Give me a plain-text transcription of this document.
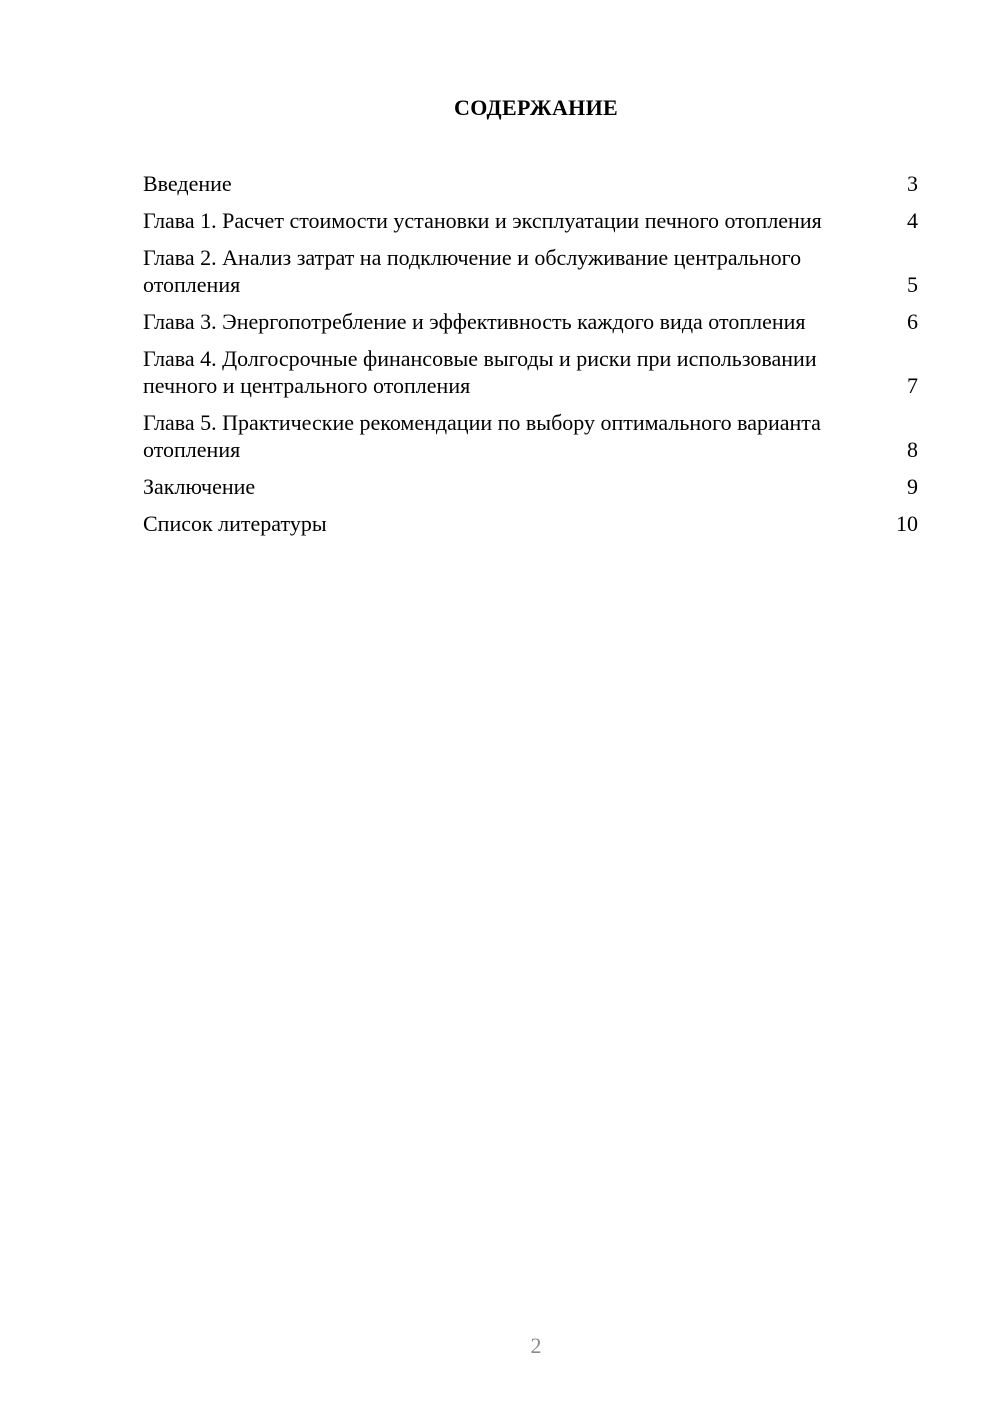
СОДЕРЖАНИЕ
Введение	3
Глава 1. Расчет стоимости установки и эксплуатации печного отопления	4
Глава 2. Анализ затрат на подключение и обслуживание центрального отопления	5
Глава 3. Энергопотребление и эффективность каждого вида отопления	6
Глава 4. Долгосрочные финансовые выгоды и риски при использовании печного и центрального отопления	7
Глава 5. Практические рекомендации по выбору оптимального варианта отопления	8
Заключение	9
Список литературы	10
2
